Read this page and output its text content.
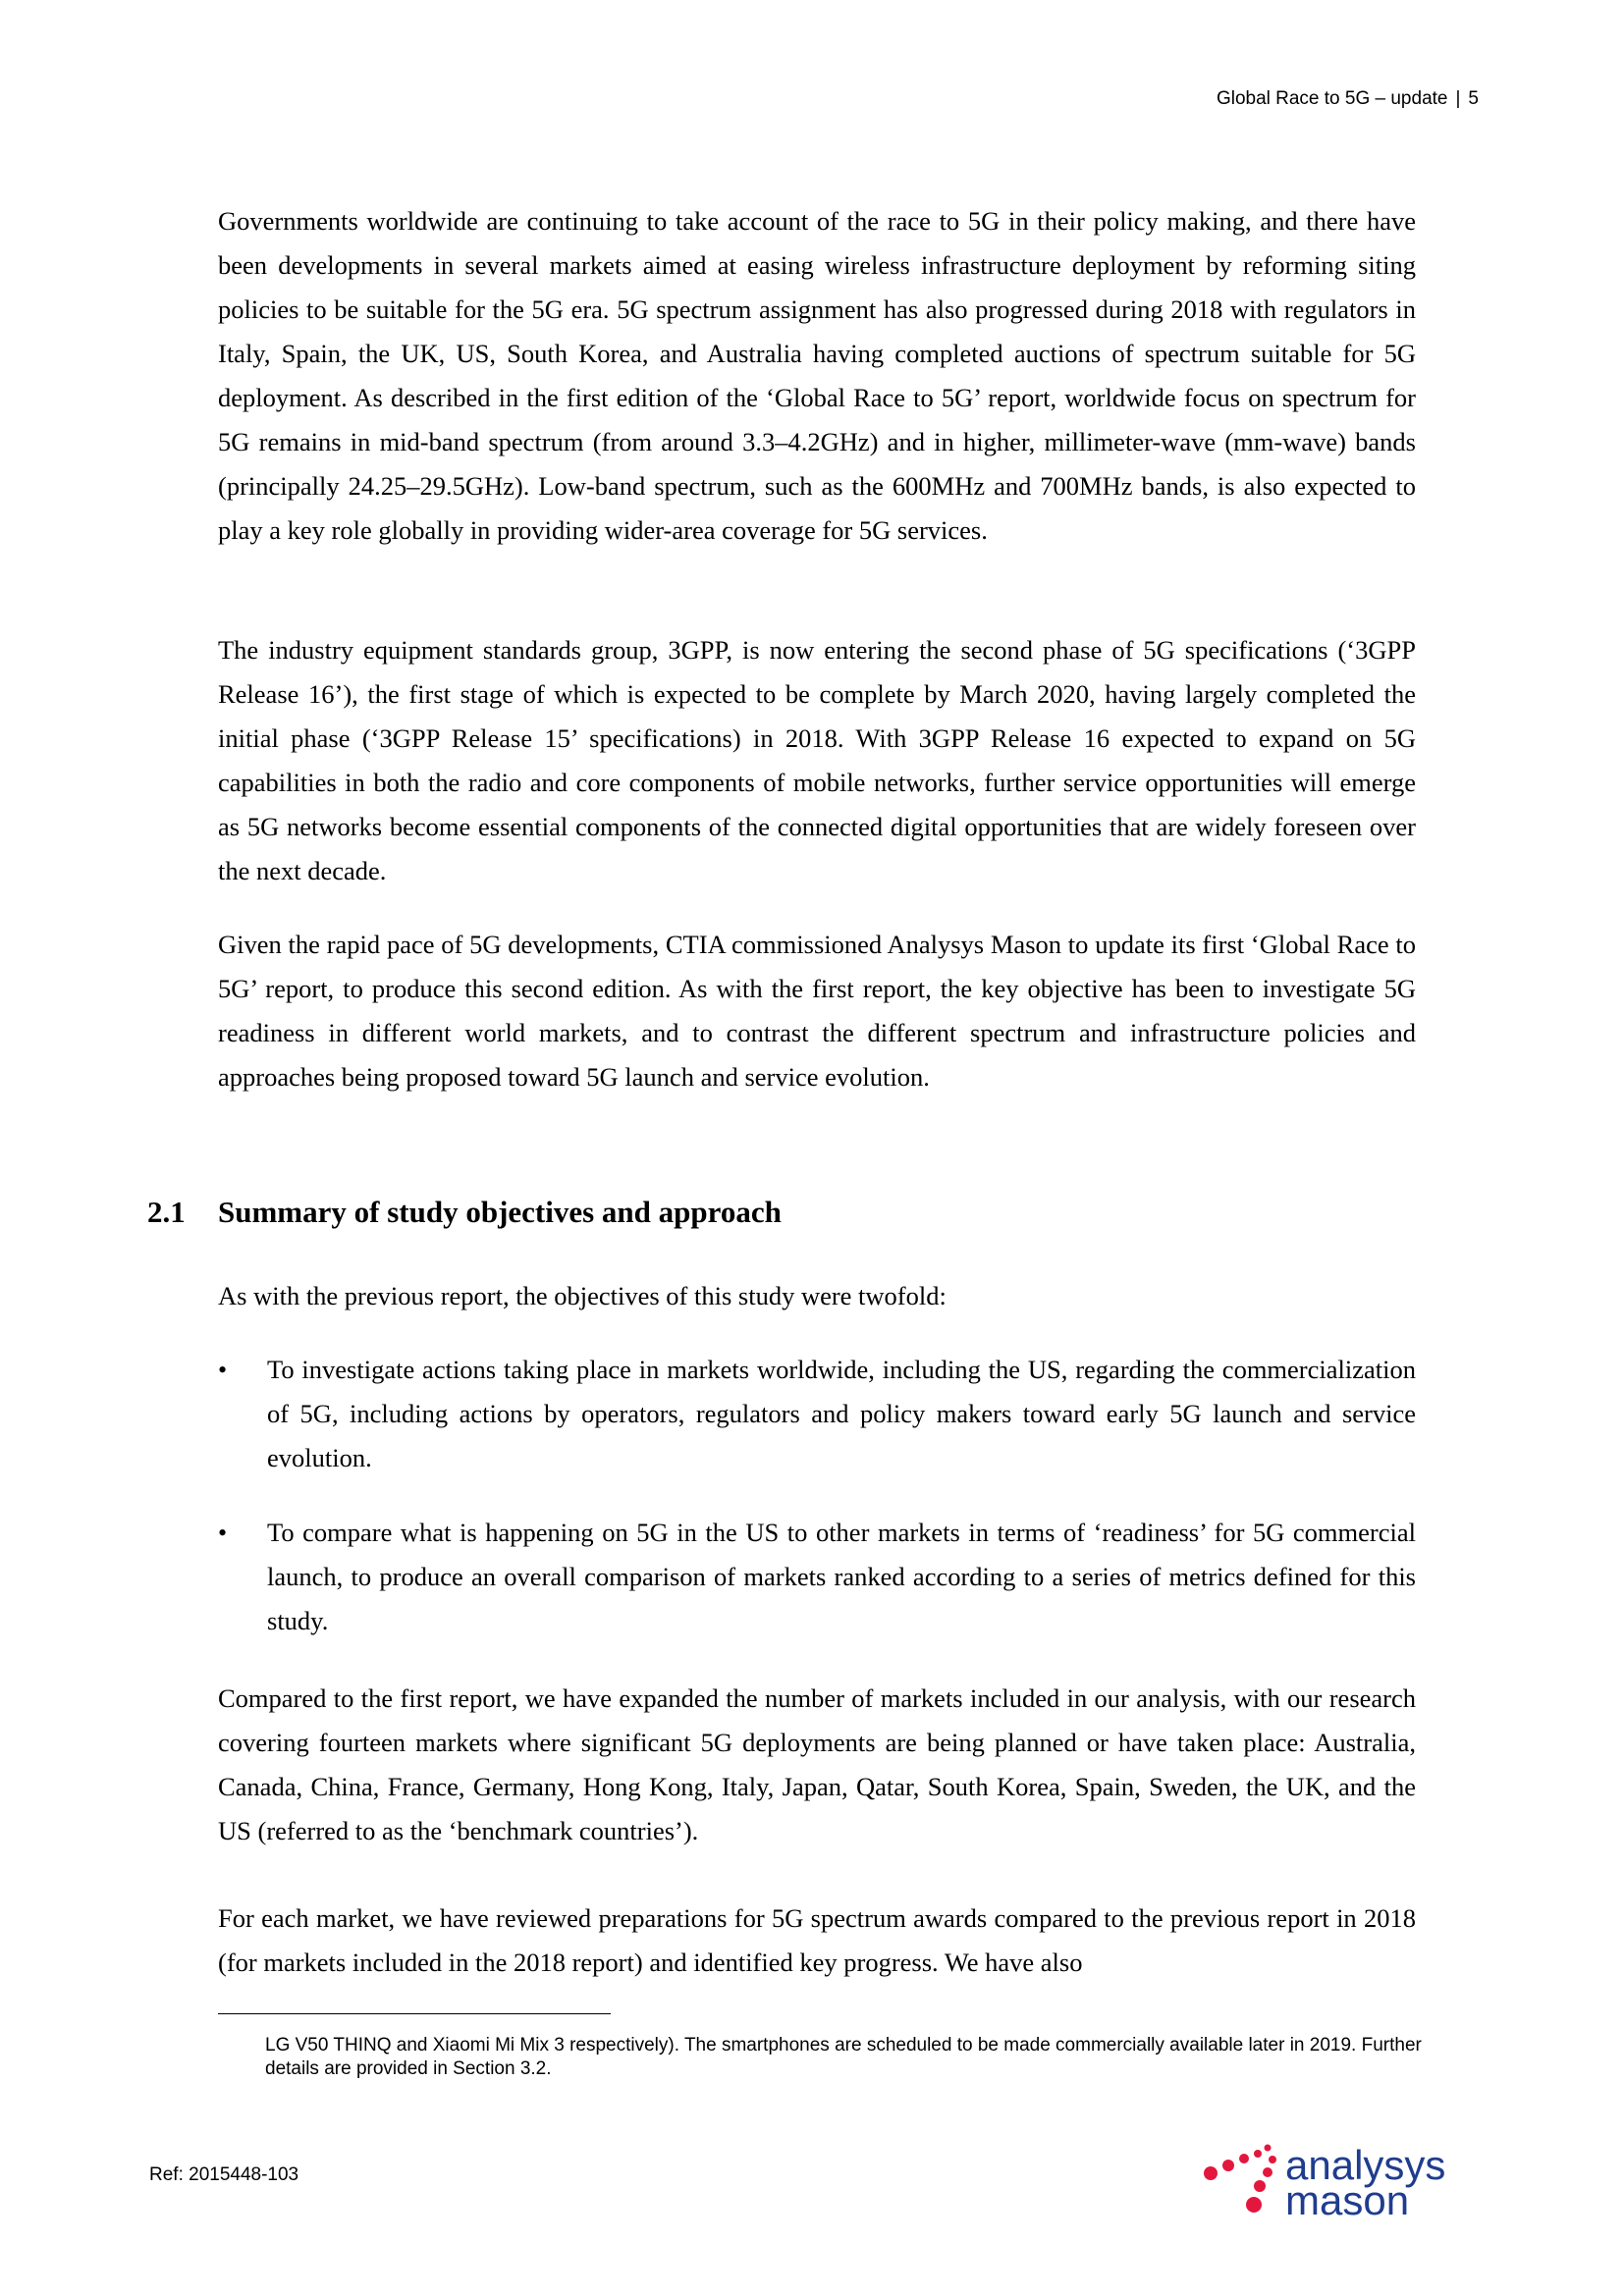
Global Race to 5G – update | 5

Governments worldwide are continuing to take account of the race to 5G in their policy making, and there have been developments in several markets aimed at easing wireless infrastructure deployment by reforming siting policies to be suitable for the 5G era. 5G spectrum assignment has also progressed during 2018 with regulators in Italy, Spain, the UK, US, South Korea, and Australia having completed auctions of spectrum suitable for 5G deployment. As described in the first edition of the ‘Global Race to 5G’ report, worldwide focus on spectrum for 5G remains in mid-band spectrum (from around 3.3–4.2GHz) and in higher, millimeter-wave (mm-wave) bands (principally 24.25–29.5GHz). Low-band spectrum, such as the 600MHz and 700MHz bands, is also expected to play a key role globally in providing wider-area coverage for 5G services.

The industry equipment standards group, 3GPP, is now entering the second phase of 5G specifications (‘3GPP Release 16’), the first stage of which is expected to be complete by March 2020, having largely completed the initial phase (‘3GPP Release 15’ specifications) in 2018. With 3GPP Release 16 expected to expand on 5G capabilities in both the radio and core components of mobile networks, further service opportunities will emerge as 5G networks become essential components of the connected digital opportunities that are widely foreseen over the next decade.

Given the rapid pace of 5G developments, CTIA commissioned Analysys Mason to update its first ‘Global Race to 5G’ report, to produce this second edition. As with the first report, the key objective has been to investigate 5G readiness in different world markets, and to contrast the different spectrum and infrastructure policies and approaches being proposed toward 5G launch and service evolution.

2.1 Summary of study objectives and approach

As with the previous report, the objectives of this study were twofold:

• To investigate actions taking place in markets worldwide, including the US, regarding the commercialization of 5G, including actions by operators, regulators and policy makers toward early 5G launch and service evolution.
• To compare what is happening on 5G in the US to other markets in terms of ‘readiness’ for 5G commercial launch, to produce an overall comparison of markets ranked according to a series of metrics defined for this study.

Compared to the first report, we have expanded the number of markets included in our analysis, with our research covering fourteen markets where significant 5G deployments are being planned or have taken place: Australia, Canada, China, France, Germany, Hong Kong, Italy, Japan, Qatar, South Korea, Spain, Sweden, the UK, and the US (referred to as the ‘benchmark countries’).

For each market, we have reviewed preparations for 5G spectrum awards compared to the previous report in 2018 (for markets included in the 2018 report) and identified key progress. We have also

LG V50 THINQ and Xiaomi Mi Mix 3 respectively). The smartphones are scheduled to be made commercially available later in 2019. Further details are provided in Section 3.2.
Ref: 2015448-103	analysys
mason
